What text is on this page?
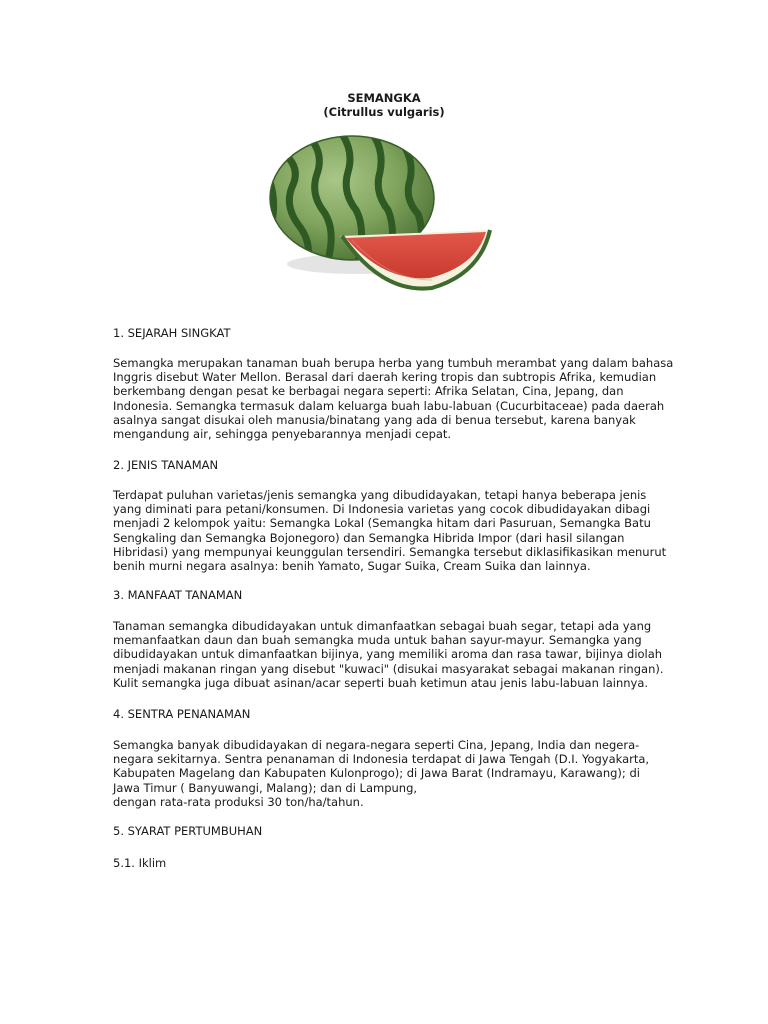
SEMANGKA
(Citrullus vulgaris)
1. SEJARAH SINGKAT
Semangka merupakan tanaman buah berupa herba yang tumbuh merambat yang dalam bahasa
Inggris disebut Water Mellon. Berasal dari daerah kering tropis dan subtropis Afrika, kemudian
berkembang dengan pesat ke berbagai negara seperti: Afrika Selatan, Cina, Jepang, dan
Indonesia. Semangka termasuk dalam keluarga buah labu-labuan (Cucurbitaceae) pada daerah
asalnya sangat disukai oleh manusia/binatang yang ada di benua tersebut, karena banyak
mengandung air, sehingga penyebarannya menjadi cepat.
2. JENIS TANAMAN
Terdapat puluhan varietas/jenis semangka yang dibudidayakan, tetapi hanya beberapa jenis
yang diminati para petani/konsumen. Di Indonesia varietas yang cocok dibudidayakan dibagi
menjadi 2 kelompok yaitu: Semangka Lokal (Semangka hitam dari Pasuruan, Semangka Batu
Sengkaling dan Semangka Bojonegoro) dan Semangka Hibrida Impor (dari hasil silangan
Hibridasi) yang mempunyai keunggulan tersendiri. Semangka tersebut diklasifikasikan menurut
benih murni negara asalnya: benih Yamato, Sugar Suika, Cream Suika dan lainnya.
3. MANFAAT TANAMAN
Tanaman semangka dibudidayakan untuk dimanfaatkan sebagai buah segar, tetapi ada yang
memanfaatkan daun dan buah semangka muda untuk bahan sayur-mayur. Semangka yang
dibudidayakan untuk dimanfaatkan bijinya, yang memiliki aroma dan rasa tawar, bijinya diolah
menjadi makanan ringan yang disebut "kuwaci" (disukai masyarakat sebagai makanan ringan).
Kulit semangka juga dibuat asinan/acar seperti buah ketimun atau jenis labu-labuan lainnya.
4. SENTRA PENANAMAN
Semangka banyak dibudidayakan di negara-negara seperti Cina, Jepang, India dan negera-
negara sekitarnya. Sentra penanaman di Indonesia terdapat di Jawa Tengah (D.I. Yogyakarta,
Kabupaten Magelang dan Kabupaten Kulonprogo); di Jawa Barat (Indramayu, Karawang); di
Jawa Timur ( Banyuwangi, Malang); dan di Lampung,
dengan rata-rata produksi 30 ton/ha/tahun.
5. SYARAT PERTUMBUHAN
5.1. Iklim
